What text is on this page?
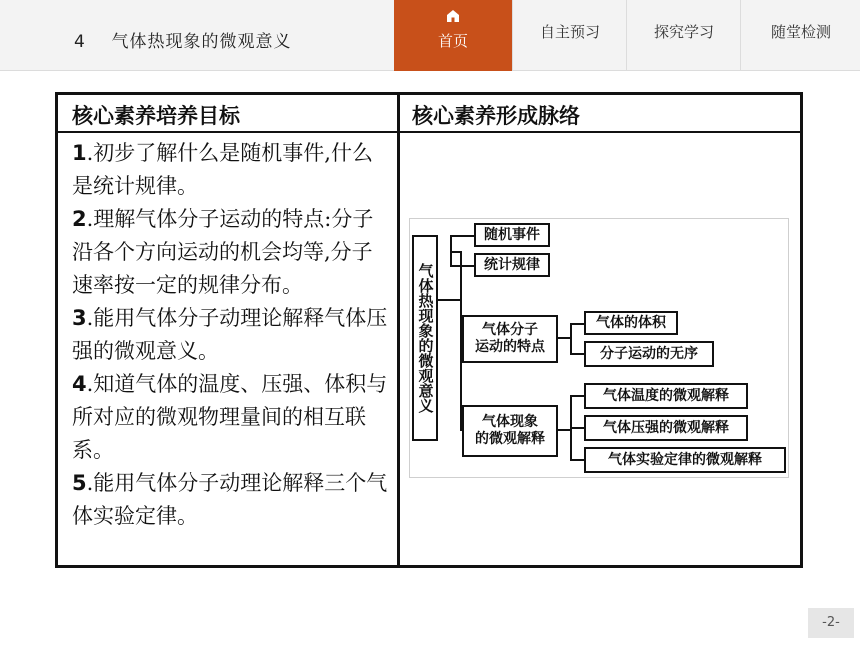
4 气体热现象的微观意义	首页	自主预习	探究学习	随堂检测
核心素养培养目标	核心素养形成脉络

1.初步了解什么是随机事件,什么是统计规律。

2.理解气体分子运动的特点:分子沿各个方向运动的机会均等,分子速率按一定的规律分布。

3.能用气体分子动理论解释气体压强的微观意义。

4.知道气体的温度、压强、体积与所对应的微观物理量间的相互联系。

5.能用气体分子动理论解释三个气体实验定律。

气体热现象的微观意义
随机事件
统计规律
气体分子
运动的特点
气体现象
的微观解释
气体的体积
分子运动的无序
气体温度的微观解释
气体压强的微观解释
气体实验定律的微观解释
-2-
